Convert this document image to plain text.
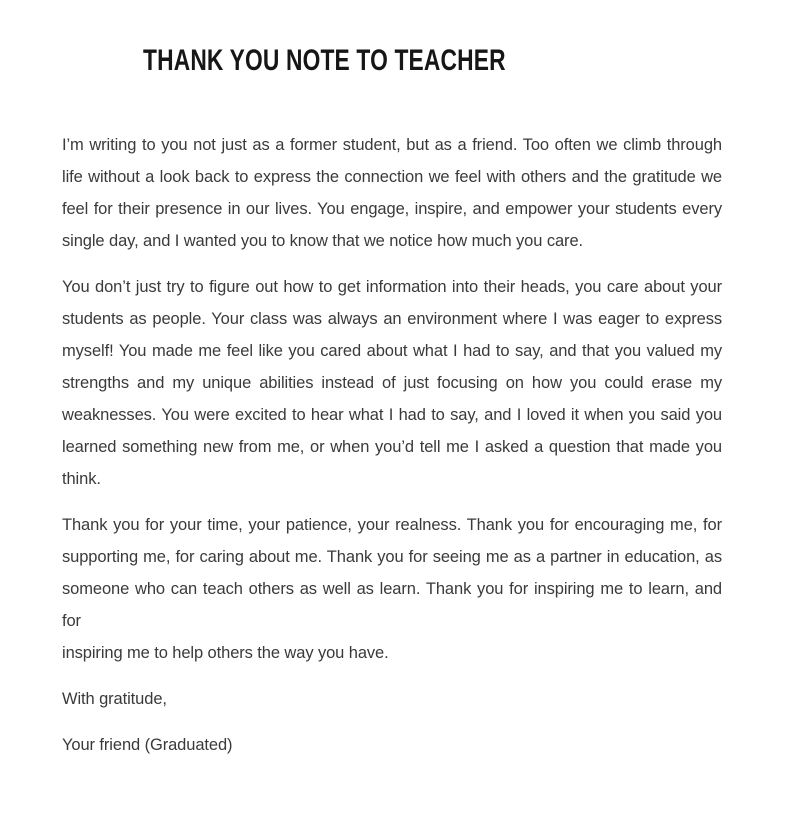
THANK YOU NOTE TO TEACHER

I’m writing to you not just as a former student, but as a friend. Too often we climb through
life without a look back to express the connection we feel with others and the gratitude we
feel for their presence in our lives. You engage, inspire, and empower your students every
single day, and I wanted you to know that we notice how much you care.

You don’t just try to figure out how to get information into their heads, you care about your
students as people. Your class was always an environment where I was eager to express
myself! You made me feel like you cared about what I had to say, and that you valued my
strengths and my unique abilities instead of just focusing on how you could erase my
weaknesses. You were excited to hear what I had to say, and I loved it when you said you
learned something new from me, or when you’d tell me I asked a question that made you
think.

Thank you for your time, your patience, your realness. Thank you for encouraging me, for
supporting me, for caring about me. Thank you for seeing me as a partner in education, as
someone who can teach others as well as learn. Thank you for inspiring me to learn, and for
inspiring me to help others the way you have.

With gratitude,

Your friend (Graduated)
